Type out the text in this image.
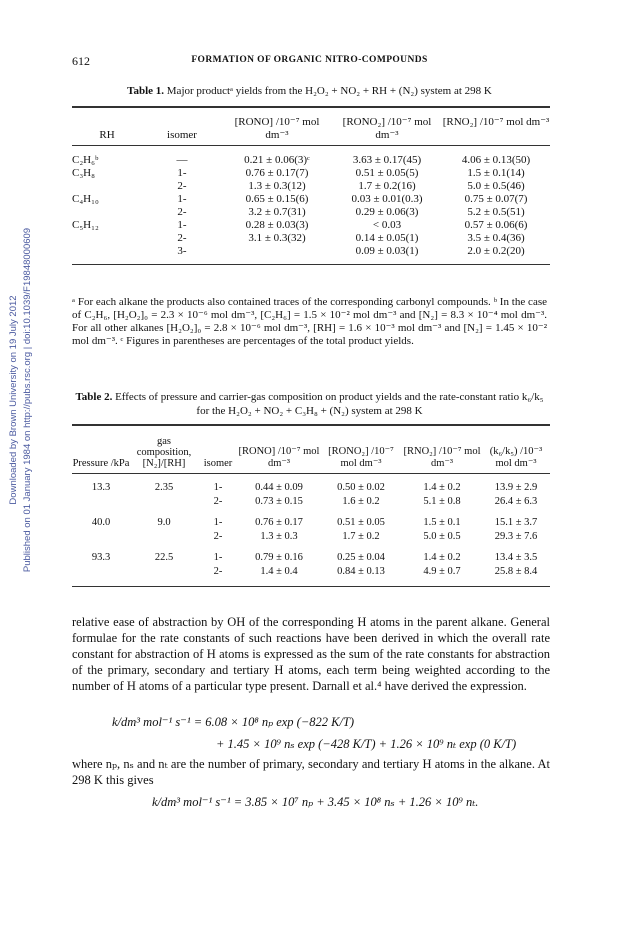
Downloaded by Brown University on 19 July 2012 Published on 01 January 1984 on http://pubs.rsc.org | doi:10.1039/F19848000609
612	FORMATION OF ORGANIC NITRO-COMPOUNDS
Table 1. Major productᵃ yields from the H₂O₂ + NO₂ + RH + (N₂) system at 298 K

RH	isomer	[RONO] /10⁻⁷ mol dm⁻³	[RONO₂] /10⁻⁷ mol dm⁻³	[RNO₂] /10⁻⁷ mol dm⁻³

C₂H₆ᵇ	—	0.21 ± 0.06(3)ᶜ	3.63 ± 0.17(45)	4.06 ± 0.13(50)
C₃H₈	1-	0.76 ± 0.17(7)	0.51 ± 0.05(5)	1.5 ± 0.1(14)
	2-	1.3 ± 0.3(12)	1.7 ± 0.2(16)	5.0 ± 0.5(46)
C₄H₁₀	1-	0.65 ± 0.15(6)	0.03 ± 0.01(0.3)	0.75 ± 0.07(7)
	2-	3.2 ± 0.7(31)	0.29 ± 0.06(3)	5.2 ± 0.5(51)
C₅H₁₂	1-	0.28 ± 0.03(3)	< 0.03	0.57 ± 0.06(6)
	2-	3.1 ± 0.3(32)	0.14 ± 0.05(1)	3.5 ± 0.4(36)
	3-		0.09 ± 0.03(1)	2.0 ± 0.2(20)

ᵃ For each alkane the products also contained traces of the corresponding carbonyl compounds. ᵇ In the case of C₂H₆, [H₂O₂]₀ = 2.3 × 10⁻⁶ mol dm⁻³, [C₂H₆] = 1.5 × 10⁻² mol dm⁻³ and [N₂] = 8.3 × 10⁻⁴ mol dm⁻³. For all other alkanes [H₂O₂]₀ = 2.8 × 10⁻⁶ mol dm⁻³, [RH] = 1.6 × 10⁻³ mol dm⁻³ and [N₂] = 1.45 × 10⁻² mol dm⁻³. ᶜ Figures in parentheses are percentages of the total product yields.
Table 2. Effects of pressure and carrier-gas composition on product yields and the rate-constant ratio k₆/k₅ for the H₂O₂ + NO₂ + C₃H₈ + (N₂) system at 298 K

Pressure /kPa	gas composition, [N₂]/[RH]	isomer	[RONO] /10⁻⁷ mol dm⁻³	[RONO₂] /10⁻⁷ mol dm⁻³	[RNO₂] /10⁻⁷ mol dm⁻³	(k₆/k₅) /10⁻³ mol dm⁻³

13.3	2.35	1-	0.44 ± 0.09	0.50 ± 0.02	1.4 ± 0.2	13.9 ± 2.9
		2-	0.73 ± 0.15	1.6 ± 0.2	5.1 ± 0.8	26.4 ± 6.3
40.0	9.0	1-	0.76 ± 0.17	0.51 ± 0.05	1.5 ± 0.1	15.1 ± 3.7
		2-	1.3 ± 0.3	1.7 ± 0.2	5.0 ± 0.5	29.3 ± 7.6
93.3	22.5	1-	0.79 ± 0.16	0.25 ± 0.04	1.4 ± 0.2	13.4 ± 3.5
		2-	1.4 ± 0.4	0.84 ± 0.13	4.9 ± 0.7	25.8 ± 8.4

relative ease of abstraction by OH of the corresponding H atoms in the parent alkane. General formulae for the rate constants of such reactions have been derived in which the overall rate constant for abstraction of H atoms is expressed as the sum of the rate constants for abstraction of the primary, secondary and tertiary H atoms, each term being weighted according to the number of H atoms of a particular type present. Darnall et al.⁴ have derived the expression.
k/dm³ mol⁻¹ s⁻¹ = 6.08 × 10⁸ nₚ exp (−822 K/T)
+ 1.45 × 10⁹ nₛ exp (−428 K/T) + 1.26 × 10⁹ nₜ exp (0 K/T)
where nₚ, nₛ and nₜ are the number of primary, secondary and tertiary H atoms in the alkane. At 298 K this gives
k/dm³ mol⁻¹ s⁻¹ = 3.85 × 10⁷ nₚ + 3.45 × 10⁸ nₛ + 1.26 × 10⁹ nₜ.
